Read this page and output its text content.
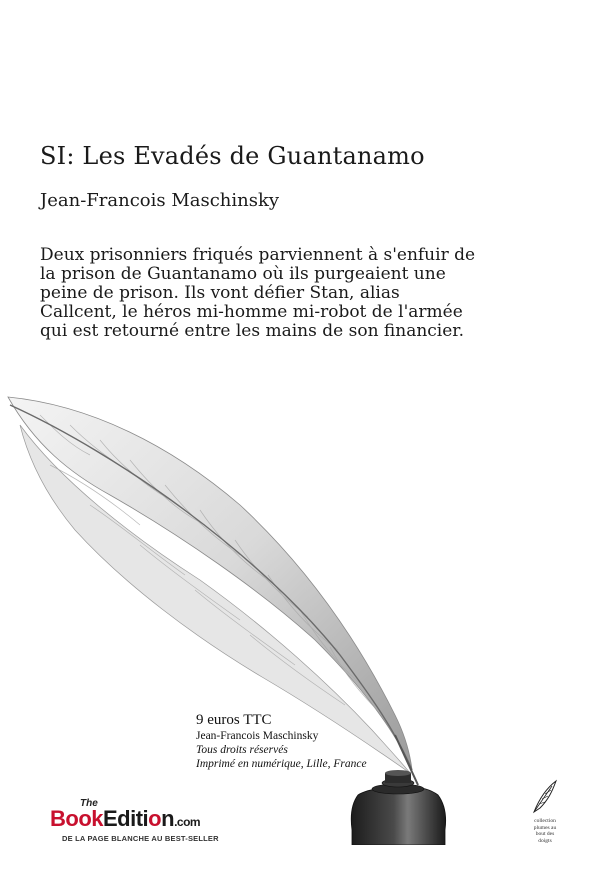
SI: Les Evadés de Guantanamo
Jean-Francois Maschinsky
Deux prisonniers friqués parviennent à s'enfuir de la prison de Guantanamo où ils purgeaient une peine de prison. Ils vont défier Stan, alias Callcent, le héros mi-homme mi-robot de l'armée qui est retourné entre les mains de son financier.
9 euros TTC
Jean-Francois Maschinsky
Tous droits réservés
Imprimé en numérique, Lille, France
The
BookEdition.com
DE LA PAGE BLANCHE AU BEST-SELLER
collection
plumes au
bout des
doigts
